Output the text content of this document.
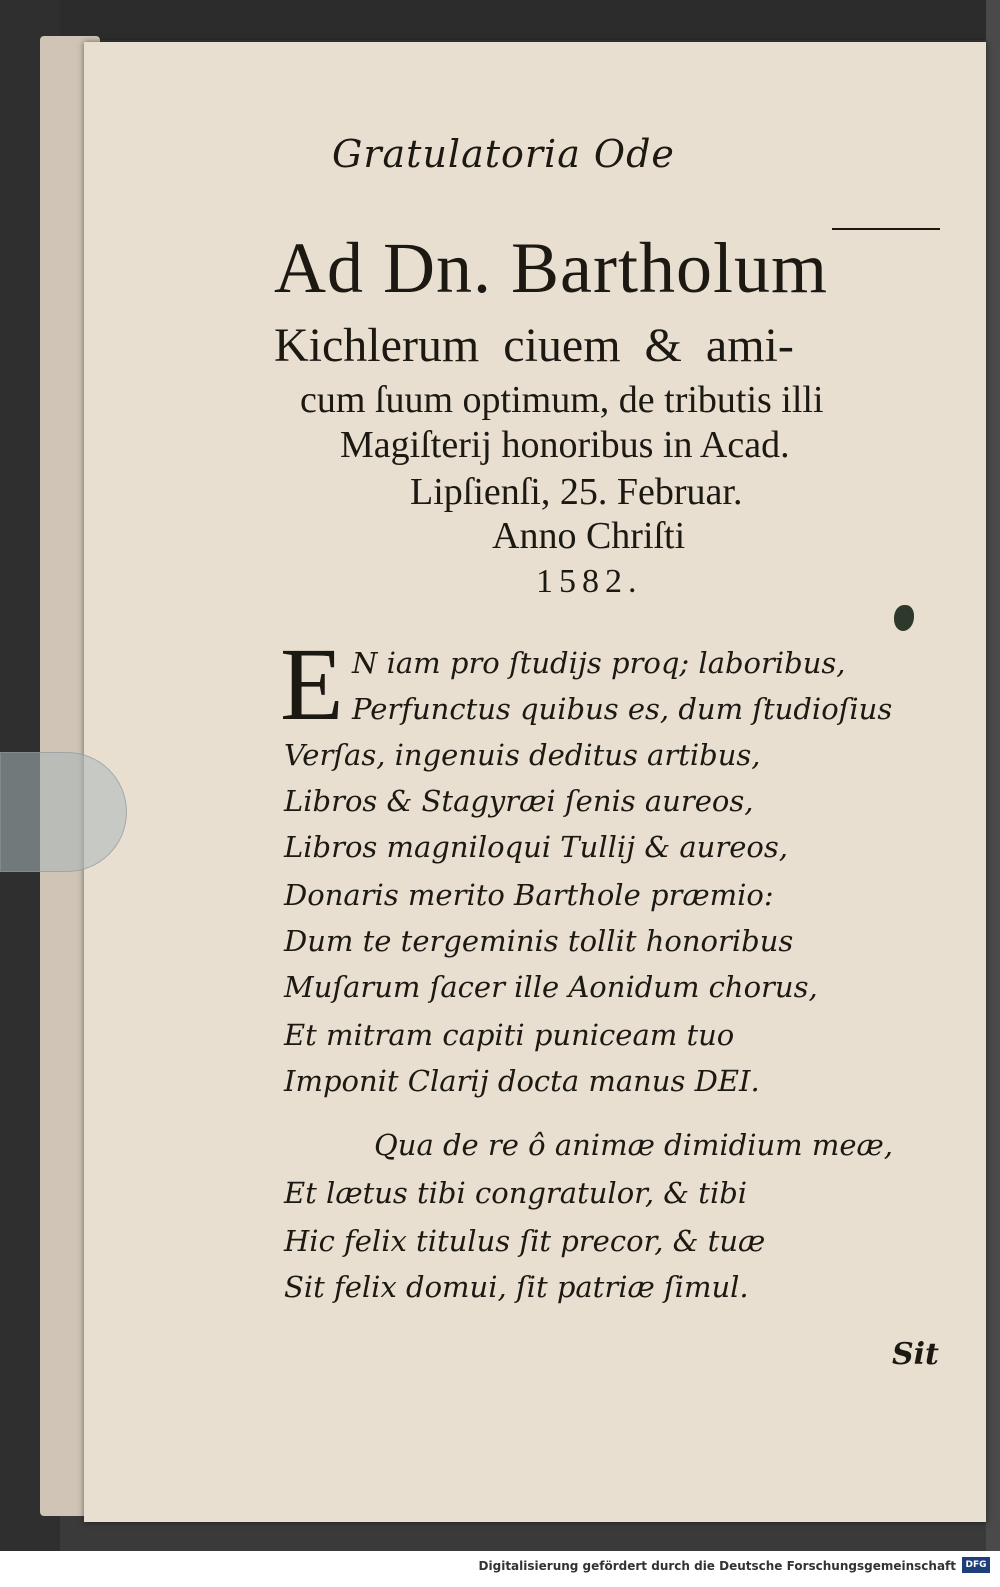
Gratulatoria Ode
Ad Dn. Bartholum
Kichlerum ciuem & ami-
cum ſuum optimum, de tributis illi
Magiſterij honoribus in Acad.
Lipſienſi, 25. Februar.
Anno Chriſti
1582.
E N iam pro ſtudijs proq; laboribus,
Perfunctus quibus es, dum ſtudioſius
Verſas, ingenuis deditus artibus,
Libros & Stagyræi ſenis aureos,
Libros magniloqui Tullij & aureos,
Donaris merito Barthole præmio:
Dum te tergeminis tollit honoribus
Muſarum ſacer ille Aonidum chorus,
Et mitram capiti puniceam tuo
Imponit Clarij docta manus DEI.
Qua de re ô animæ dimidium meæ,
Et lætus tibi congratulor, & tibi
Hic felix titulus ſit precor, & tuæ
Sit felix domui, ſit patriæ ſimul.
Sit
Digitalisierung gefördert durch die Deutsche Forschungsgemeinschaft	DFG
